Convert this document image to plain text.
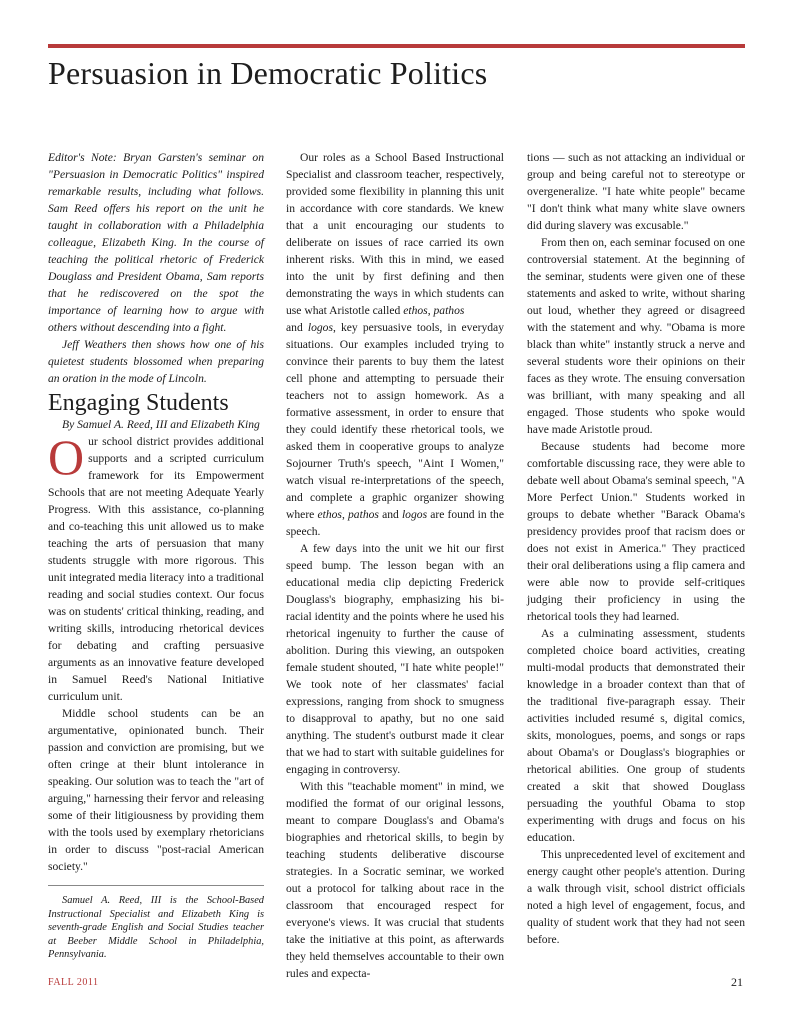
Persuasion in Democratic Politics

Editor's Note: Bryan Garsten's seminar on "Persuasion in Democratic Politics" inspired remarkable results, including what follows. Sam Reed offers his report on the unit he taught in collaboration with a Philadelphia colleague, Elizabeth King. In the course of teaching the political rhetoric of Frederick Douglass and President Obama, Sam reports that he rediscovered on the spot the importance of learning how to argue with others without descending into a fight.

Jeff Weathers then shows how one of his quietest students blossomed when preparing an oration in the mode of Lincoln.

Engaging Students

By Samuel A. Reed, III and Elizabeth King

Our school district provides additional supports and a scripted curriculum framework for its Empowerment Schools that are not meeting Adequate Yearly Progress. With this assistance, co-planning and co-teaching this unit allowed us to make teaching the arts of persuasion that many students struggle with more rigorous. This unit integrated media literacy into a traditional reading and social studies context. Our focus was on students' critical thinking, reading, and writing skills, introducing rhetorical devices for debating and crafting persuasive arguments as an innovative feature developed in Samuel Reed's National Initiative curriculum unit.

Middle school students can be an argumentative, opinionated bunch. Their passion and conviction are promising, but we often cringe at their blunt intolerance in speaking. Our solution was to teach the "art of arguing," harnessing their fervor and releasing some of their litigiousness by providing them with the tools used by exemplary rhetoricians in order to discuss "post-racial American society."

Samuel A. Reed, III is the School-Based Instructional Specialist and Elizabeth King is seventh-grade English and Social Studies teacher at Beeber Middle School in Philadelphia, Pennsylvania.

Our roles as a School Based Instructional Specialist and classroom teacher, respectively, provided some flexibility in planning this unit in accordance with core standards. We knew that a unit encouraging our students to deliberate on issues of race carried its own inherent risks. With this in mind, we eased into the unit by first defining and then demonstrating the ways in which students can use what Aristotle called ethos, pathos
and logos, key persuasive tools, in everyday situations. Our examples included trying to convince their parents to buy them the latest cell phone and attempting to persuade their teachers not to assign homework. As a formative assessment, in order to ensure that they could identify these rhetorical tools, we asked them in cooperative groups to analyze Sojourner Truth's speech, "Aint I Women," watch visual re-interpretations of the speech, and complete a graphic organizer showing where ethos, pathos and logos are found in the speech.

A few days into the unit we hit our first speed bump. The lesson began with an educational media clip depicting Frederick Douglass's biography, emphasizing his bi-racial identity and the points where he used his rhetorical ingenuity to further the cause of abolition. During this viewing, an outspoken female student shouted, "I hate white people!" We took note of her classmates' facial expressions, ranging from shock to smugness to disapproval to apathy, but no one said anything. The student's outburst made it clear that we had to start with suitable guidelines for engaging in controversy.

With this "teachable moment" in mind, we modified the format of our original lessons, meant to compare Douglass's and Obama's biographies and rhetorical skills, to begin by teaching students deliberative discourse strategies. In a Socratic seminar, we worked out a protocol for talking about race in the classroom that encouraged respect for everyone's views. It was crucial that students take the initiative at this point, as afterwards they held themselves accountable to their own rules and expecta-

tions — such as not attacking an individual or group and being careful not to stereotype or overgeneralize. "I hate white people" became "I don't think what many white slave owners did during slavery was excusable."

From then on, each seminar focused on one controversial statement. At the beginning of the seminar, students were given one of these statements and asked to write, without sharing out loud, whether they agreed or disagreed with the statement and why. "Obama is more black than white" instantly struck a nerve and several students wore their opinions on their faces as they wrote. The ensuing conversation was brilliant, with many speaking and all engaged. Those students who spoke would have made Aristotle proud.

Because students had become more comfortable discussing race, they were able to debate well about Obama's seminal speech, "A More Perfect Union." Students worked in groups to debate whether "Barack Obama's presidency provides proof that racism does or does not exist in America." They practiced their oral deliberations using a flip camera and were able now to provide self-critiques judging their proficiency in using the rhetorical tools they had learned.

As a culminating assessment, students completed choice board activities, creating multi-modal products that demonstrated their knowledge in a broader context than that of the traditional five-paragraph essay. Their activities included resumé s, digital comics, skits, monologues, poems, and songs or raps about Obama's or Douglass's biographies or rhetorical abilities. One group of students created a skit that showed Douglass persuading the youthful Obama to stop experimenting with drugs and focus on his education.

This unprecedented level of excitement and energy caught other people's attention. During a walk through visit, school district officials noted a high level of engagement, focus, and quality of student work that they had not seen before.

FALL 2011	21
